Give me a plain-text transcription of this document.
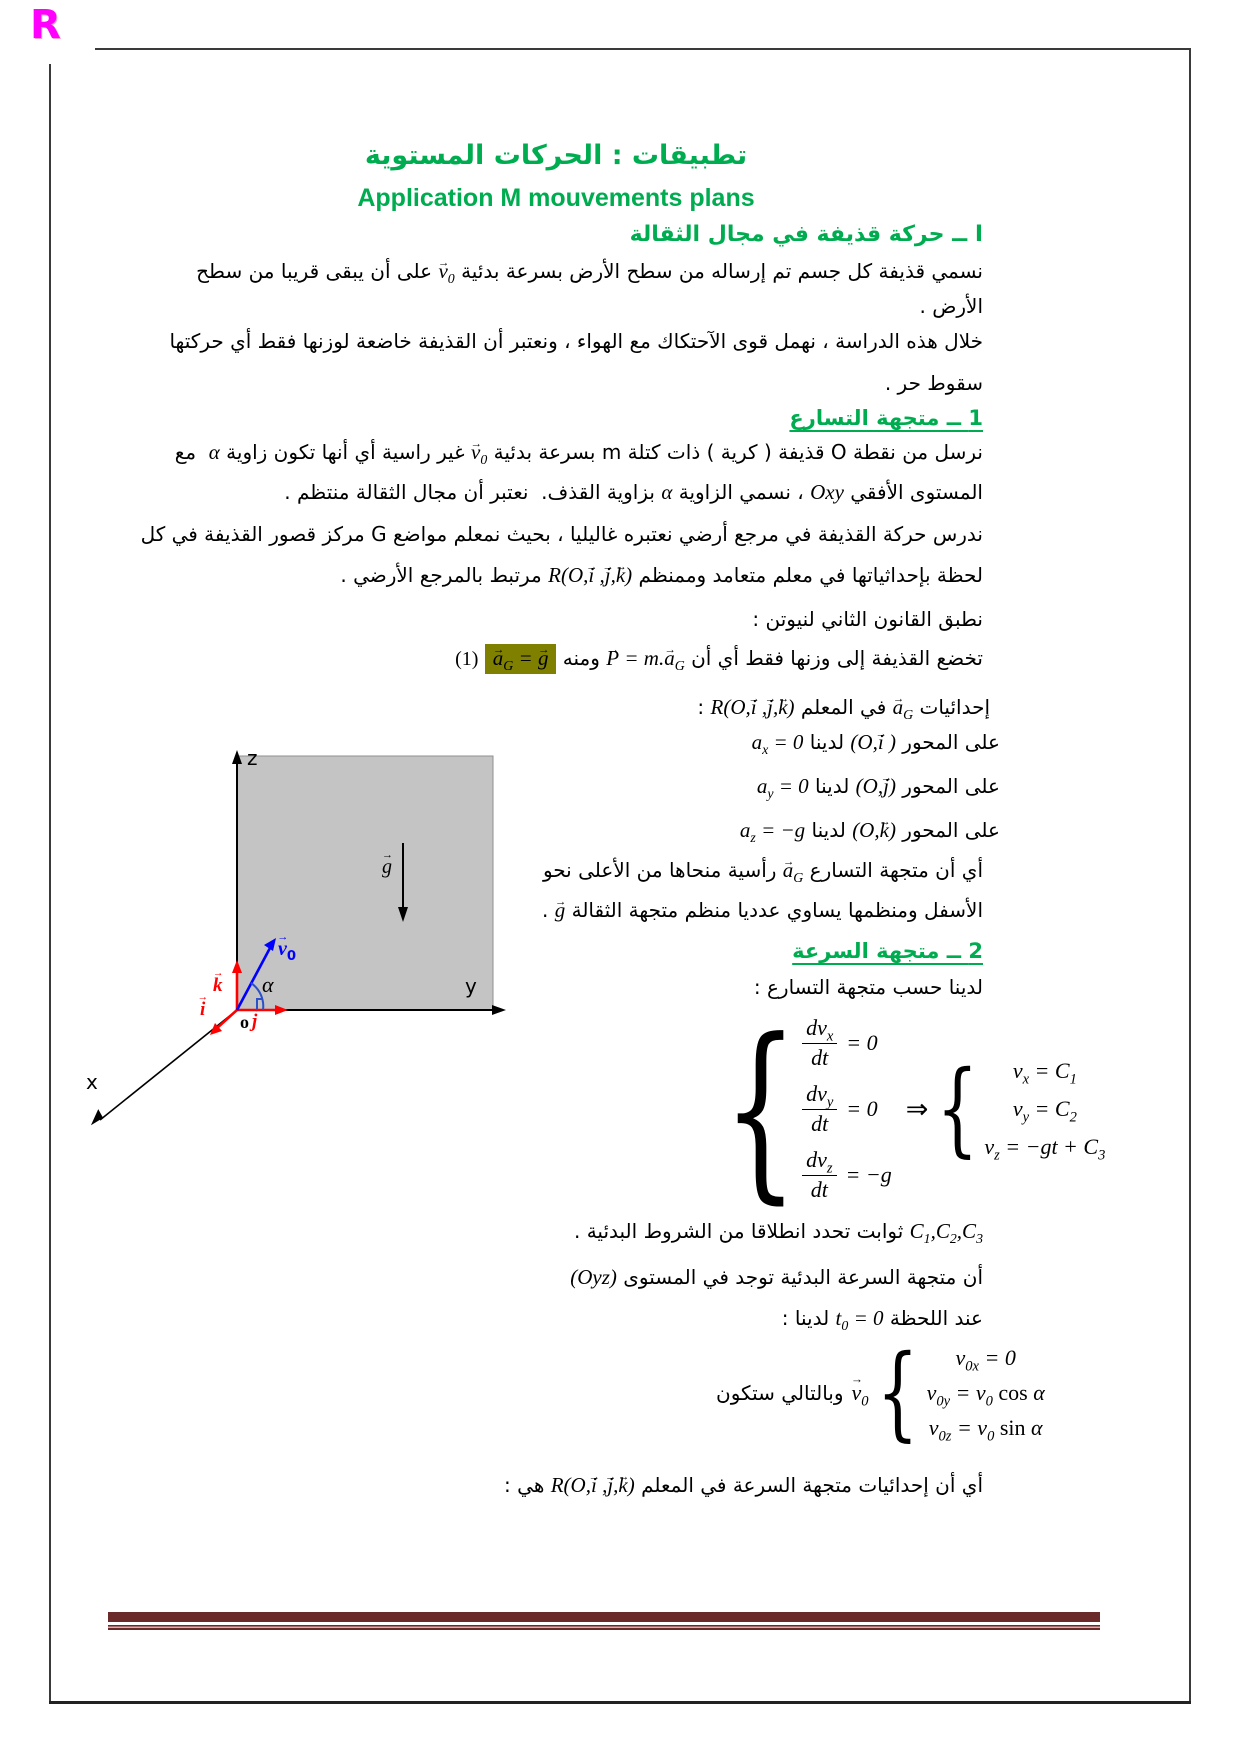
R
تطبيقات : الحركات المستوية
Application M mouvements plans
I ــ حركة قذيفة في مجال الثقالة
نسمي قذيفة كل جسم تم إرساله من سطح الأرض بسرعة بدئية $v \to_0$ على أن يبقى قريبا من سطح
الأرض .
خلال هذه الدراسة ، نهمل قوى الآحتكاك مع الهواء ، ونعتبر أن القذيفة خاضعة لوزنها فقط أي حركتها
سقوط حر .
1 ــ متجهة التسارع
نرسل من نقطة O قذيفة ( كرية ) ذات كتلة m بسرعة بدئية $v \to_0$ غير راسية أي أنها تكون زاوية α  مع
المستوى الأفقي Oxy ، نسمي الزاوية α بزاوية القذف.  نعتبر أن مجال الثقالة منتظم .
ندرس حركة القذيفة في مرجع أرضي نعتبره غاليليا ، بحيث نمعلم مواضع G مركز قصور القذيفة في كل
لحظة بإحداثياتها في معلم متعامد وممنظم R(O,i → ,j →,k →) مرتبط بالمرجع الأرضي .
نطبق القانون الثاني لنيوتن :
تخضع القذيفة إلى وزنها فقط أي أن P → = $m.a \to_G$ ومنه $a \to_G = g$ →‏ (1)
إحدائيات $a \to_G$ في المعلم R(O,i → ,j →,k →) :
على المحور (O,i → ) لدينا $a_x = 0$
على المحور (O,j →) لدينا $a_y = 0$
على المحور (O,k →) لدينا $a_z = -g$
أي أن متجهة التسارع $a \to_G$ رأسية منحاها من الأعلى نحو
الأسفل ومنظمها يساوي عدديا منظم متجهة الثقالة g → .
2 ــ متجهة السرعة
لدينا حسب متجهة التسارع :
{ $\frac{dv_x}{dt} = 0$
$\frac{dv_y}{dt} = 0$
$\frac{dv_z}{dt} = -g$
⇒ { $v_x = C_1$
$v_y = C_2$
$v_z = -gt + C_3$
$C_1,C_2,C_3$ ثوابت تحدد انطلاقا من الشروط البدئية .
أن متجهة السرعة البدئية توجد في المستوى (Oyz)
عند اللحظة $t_0 = 0$ لدينا :
وبالتالي ستكون $v \to_0$ { $v_{0x} = 0$
$v_{0y} = v_0$ cos α
$v_{0z} = v_0$ sin α
أي أن إحدائيات متجهة السرعة في المعلم R(O,i → ,j →,k →) هي :
z
y
x
o
k →
i →
j →
$v \to_0$
α
g →
